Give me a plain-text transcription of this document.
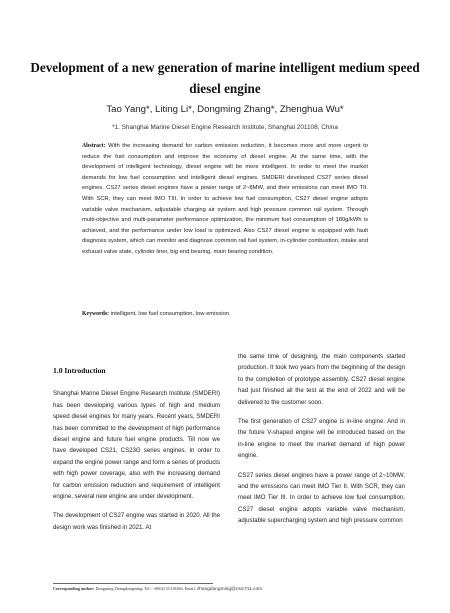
Development of a new generation of marine intelligent medium speed diesel engine
Tao Yang*, Liting Li*, Dongming Zhang*, Zhenghua Wu*
*1. Shanghai Marine Diesel Engine Research Institute, Shanghai 201108, China
Abstract: With the increasing demand for carbon emission reduction, it becomes more and more urgent to reduce the fuel consumption and improve the economy of diesel engine. At the same time, with the development of intelligent technology, diesel engine will be more intelligent. In order to meet the market demands for low fuel consumption and intelligent diesel engines, SMDERI developed CS27 series diesel engines. CS27 series diesel engines have a power range of 2~8MW, and their emissions can meet IMO TII. With SCR, they can meet IMO TIII. In order to achieve low fuel consumption, CS27 diesel engine adopts variable valve mechanism, adjustable charging air system and high pressure common rail system. Through multi-objective and multi-parameter performance optimization, the minimum fuel consumption of 180g/kWh is achieved, and the performance under low load is optimized. Also CS27 diesel engine is equipped with fault diagnosis system, which can monitor and diagnose common rail fuel system, in-cylinder combustion, intake and exhaust valve state, cylinder liner, big end bearing, main bearing condition.
Keywords: intelligent, low fuel consumption, low emission
1.0 Introduction

Shanghai Marine Diesel Engine Research Institute (SMDERI) has been developing various types of high and medium speed diesel engines for many years. Recent years, SMDERI has been committed to the development of high performance diesel engine and future fuel engine products. Till now we have developed CS21, CS23G series engines. In order to expand the engine power range and form a series of products with high power coverage, also with the increasing demand for carbon emission reduction and requirement of intelligent engine, several new engine are under development.

The development of CS27 engine was started in 2020. All the design work was finished in 2021. At

the same time of designing, the main components started production. It took two years from the beginning of the design to the completion of prototype assembly. CS27 diesel engine had just finished all the test at the end of 2022 and will be delivered to the customer soon.

The first generation of CS27 engine is in-line engine. And in the future V-shaped engine will be introduced based on the in-line engine to meet the market demand of high power engine.

CS27 series diesel engines have a power range of 2~10MW, and the emissions can meet IMO Tier II. With SCR, they can meet IMO Tier III. In order to achieve low fuel consumption, CS27 diesel engine adopts variable valve mechanism, adjustable supercharging system and high pressure common

Corresponding author: Dongming Zhangdongming; Tel.: +8602131310266; Email: zhangdongming@csic711.com
